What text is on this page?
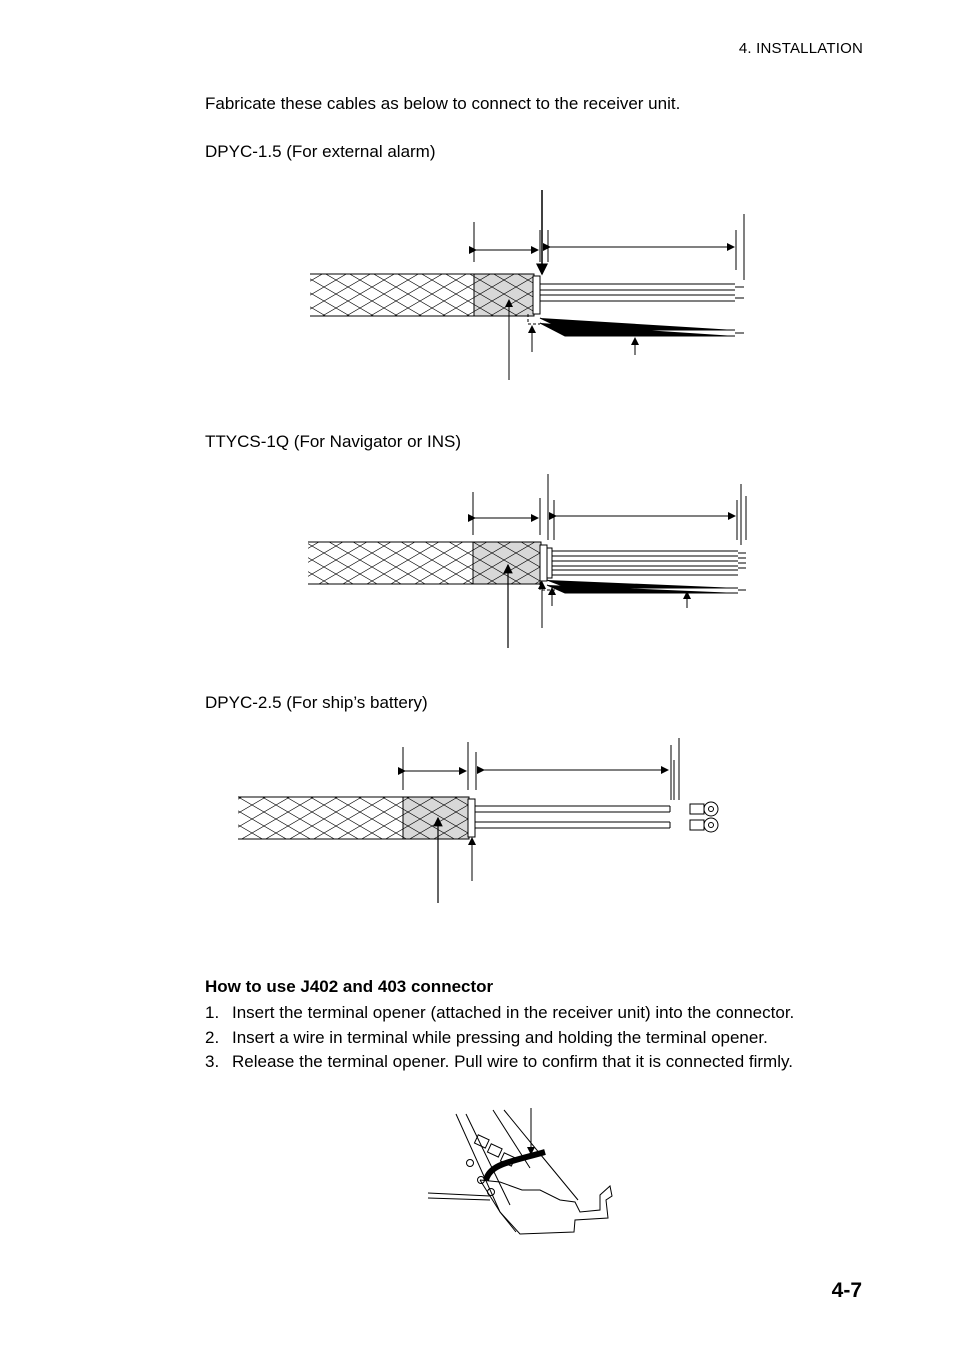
4. INSTALLATION
Fabricate these cables as below to connect to the receiver unit.
DPYC-1.5 (For external alarm)
TTYCS-1Q (For Navigator or INS)
DPYC-2.5 (For ship’s battery)
How to use J402 and 403 connector
1. Insert the terminal opener (attached in the receiver unit) into the connector.
2. Insert a wire in terminal while pressing and holding the terminal opener.
3. Release the terminal opener. Pull wire to confirm that it is connected firmly.
4-7
